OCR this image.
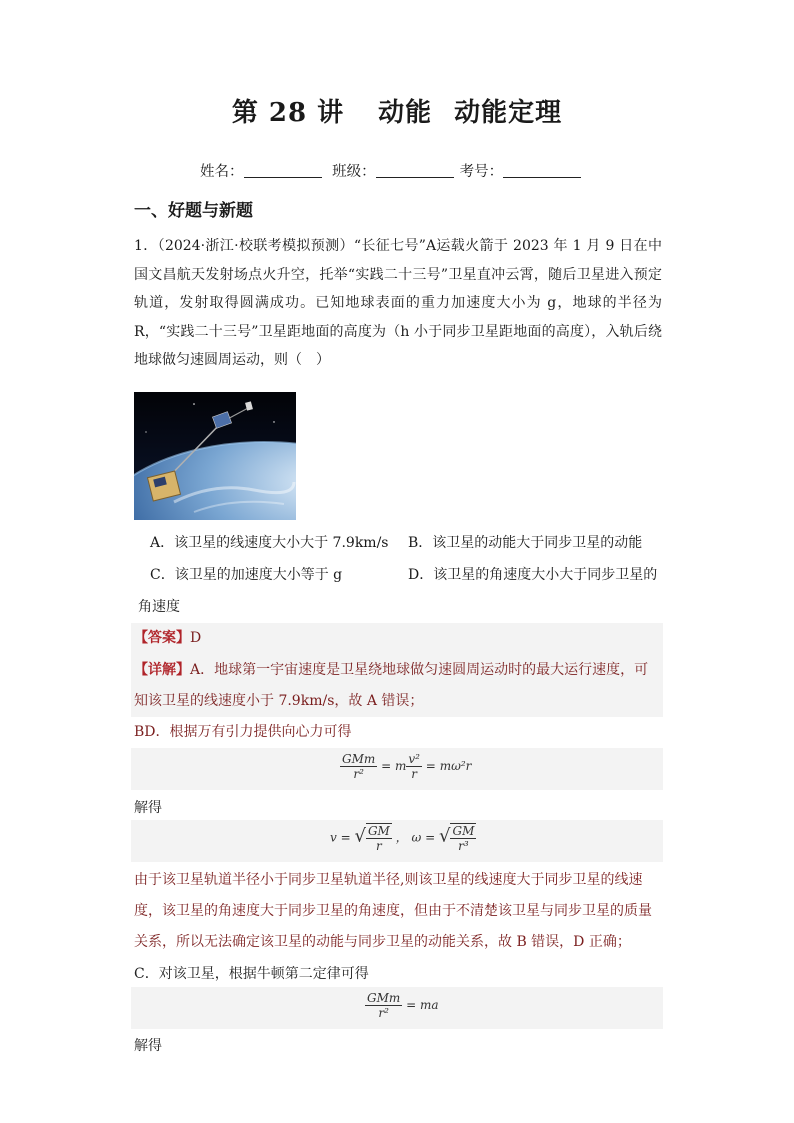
第 28 讲 动能 动能定理
姓名：	班级：	考号：
一、好题与新题
1．（2024·浙江·校联考模拟预测）“长征七号”A运载火箭于 2023 年 1 月 9 日在中国文昌航天发射场点火升空，托举“实践二十三号”卫星直冲云霄，随后卫星进入预定轨道，发射取得圆满成功。已知地球表面的重力加速度大小为 g，地球的半径为 R，“实践二十三号”卫星距地面的高度为（h 小于同步卫星距地面的高度），入轨后绕地球做匀速圆周运动，则（　）
A．该卫星的线速度大小大于 7.9km/s B．该卫星的动能大于同步卫星的动能
C．该卫星的加速度大小等于 g	D．该卫星的角速度大小大于同步卫星的
角速度
【答案】D
【详解】A．地球第一宇宙速度是卫星绕地球做匀速圆周运动时的最大运行速度，可知该卫星的线速度小于 7.9km/s，故 A 错误；
BD．根据万有引力提供向心力可得
$\frac{\text{GMm}}{\text{r²}} = m \frac{\text{v²}}{r} = m\omega^2r$
解得
v = √ $\frac{GM}{r}$ ， ω = √ $\frac{GM}{\text{r³}}$
由于该卫星轨道半径小于同步卫星轨道半径,则该卫星的线速度大于同步卫星的线速度，该卫星的角速度大于同步卫星的角速度，但由于不清楚该卫星与同步卫星的质量关系，所以无法确定该卫星的动能与同步卫星的动能关系，故 B 错误，D 正确；
C．对该卫星，根据牛顿第二定律可得
$\frac{\text{GMm}}{\text{r²}}$ = ma
解得
